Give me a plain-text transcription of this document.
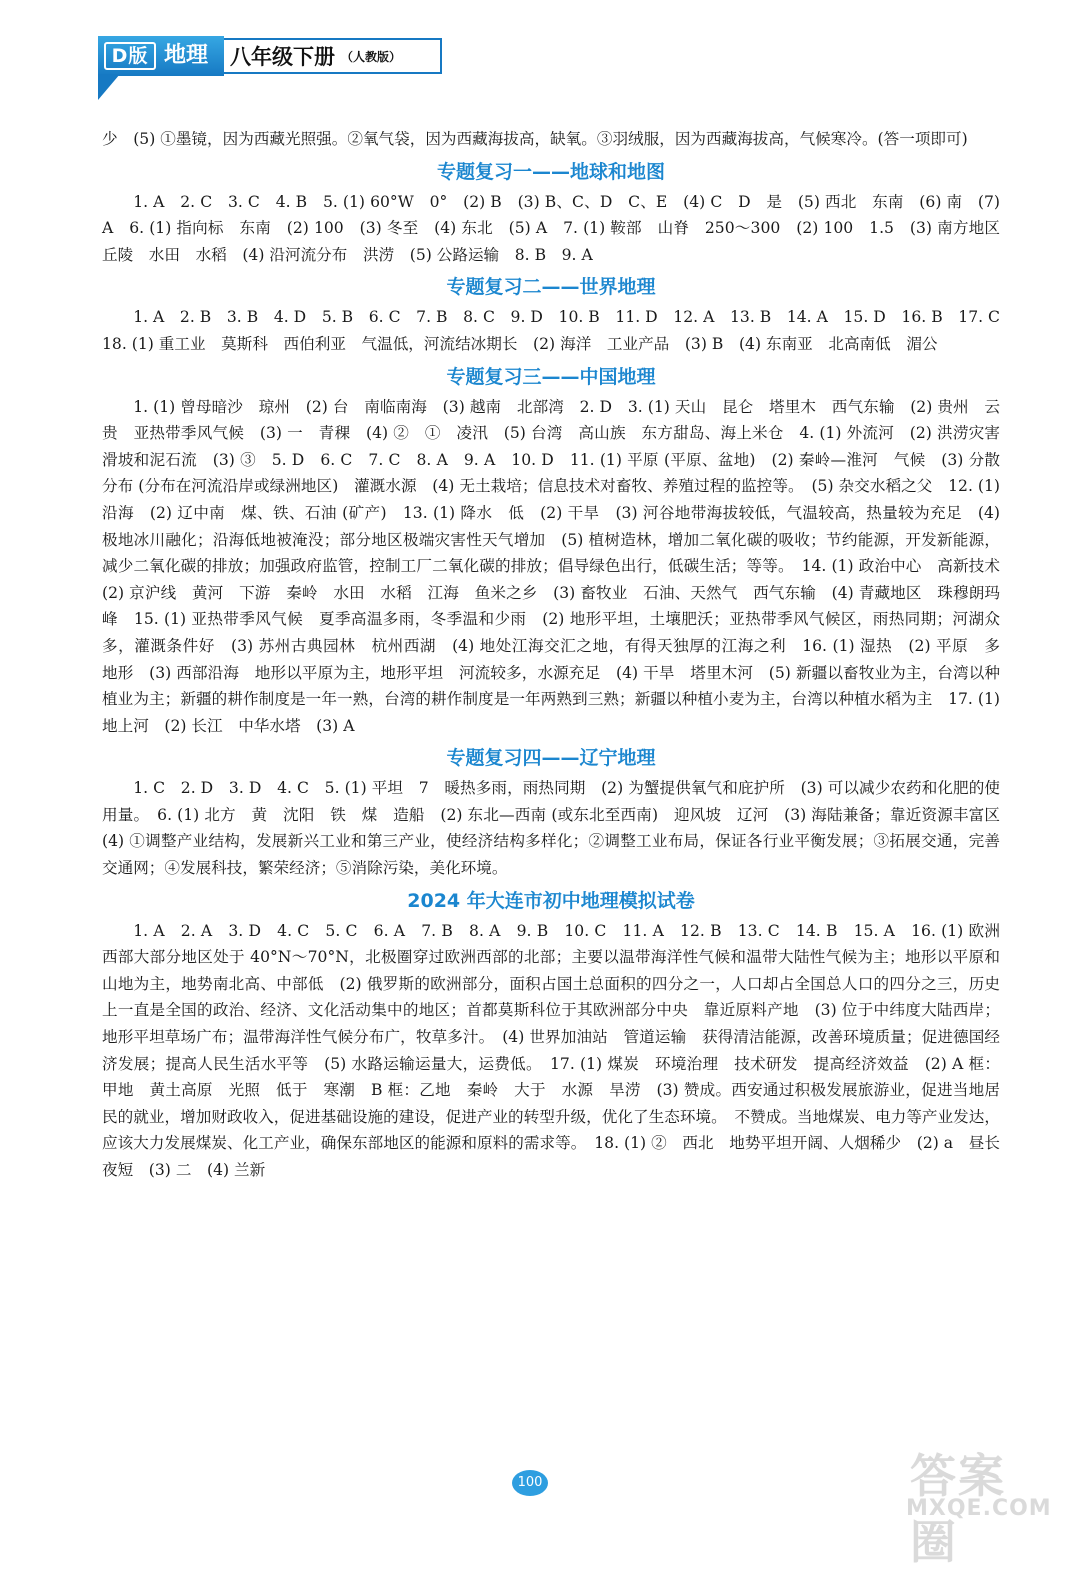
D版 地理 八年级下册 （人教版）

少　(5) ①墨镜，因为西藏光照强。②氧气袋，因为西藏海拔高，缺氧。③羽绒服，因为西藏海拔高，气候寒冷。(答一项即可)

专题复习一——地球和地图

1. A　2. C　3. C　4. B　5. (1) 60°W　0°　(2) B　(3) B、C、D　C、E　(4) C　D　是　(5) 西北　东南　(6) 南　(7) A　6. (1) 指向标　东南　(2) 100　(3) 冬至　(4) 东北　(5) A　7. (1) 鞍部　山脊　250～300　(2) 100　1.5　(3) 南方地区　丘陵　水田　水稻　(4) 沿河流分布　洪涝　(5) 公路运输　8. B　9. A

专题复习二——世界地理

1. A　2. B　3. B　4. D　5. B　6. C　7. B　8. C　9. D　10. B　11. D　12. A　13. B　14. A　15. D　16. B　17. C　18. (1) 重工业　莫斯科　西伯利亚　气温低，河流结冰期长　(2) 海洋　工业产品　(3) B　(4) 东南亚　北高南低　湄公

专题复习三——中国地理

1. (1) 曾母暗沙　琼州　(2) 台　南临南海　(3) 越南　北部湾　2. D　3. (1) 天山　昆仑　塔里木　西气东输　(2) 贵州　云贵　亚热带季风气候　(3) 一　青稞　(4) ②　①　凌汛　(5) 台湾　高山族　东方甜岛、海上米仓　4. (1) 外流河　(2) 洪涝灾害　滑坡和泥石流　(3) ③　5. D　6. C　7. C　8. A　9. A　10. D　11. (1) 平原 (平原、盆地)　(2) 秦岭—淮河　气候　(3) 分散分布 (分布在河流沿岸或绿洲地区)　灌溉水源　(4) 无土栽培；信息技术对畜牧、养殖过程的监控等。　(5) 杂交水稻之父　12. (1) 沿海　(2) 辽中南　煤、铁、石油 (矿产)　13. (1) 降水　低　(2) 干旱　(3) 河谷地带海拔较低，气温较高，热量较为充足　(4) 极地冰川融化；沿海低地被淹没；部分地区极端灾害性天气增加　(5) 植树造林，增加二氧化碳的吸收；节约能源，开发新能源，减少二氧化碳的排放；加强政府监管，控制工厂二氧化碳的排放；倡导绿色出行，低碳生活；等等。　14. (1) 政治中心　高新技术　(2) 京沪线　黄河　下游　秦岭　水田　水稻　江海　鱼米之乡　(3) 畜牧业　石油、天然气　西气东输　(4) 青藏地区　珠穆朗玛峰　15. (1) 亚热带季风气候　夏季高温多雨，冬季温和少雨　(2) 地形平坦，土壤肥沃；亚热带季风气候区，雨热同期；河湖众多，灌溉条件好　(3) 苏州古典园林　杭州西湖　(4) 地处江海交汇之地，有得天独厚的江海之利　16. (1) 湿热　(2) 平原　多　地形　(3) 西部沿海　地形以平原为主，地形平坦　河流较多，水源充足　(4) 干旱　塔里木河　(5) 新疆以畜牧业为主，台湾以种植业为主；新疆的耕作制度是一年一熟，台湾的耕作制度是一年两熟到三熟；新疆以种植小麦为主，台湾以种植水稻为主　17. (1) 地上河　(2) 长江　中华水塔　(3) A

专题复习四——辽宁地理

1. C　2. D　3. D　4. C　5. (1) 平坦　7　暖热多雨，雨热同期　(2) 为蟹提供氧气和庇护所　(3) 可以减少农药和化肥的使用量。　6. (1) 北方　黄　沈阳　铁　煤　造船　(2) 东北—西南 (或东北至西南)　迎风坡　辽河　(3) 海陆兼备；靠近资源丰富区　(4) ①调整产业结构，发展新兴工业和第三产业，使经济结构多样化；②调整工业布局，保证各行业平衡发展；③拓展交通，完善交通网；④发展科技，繁荣经济；⑤消除污染，美化环境。

2024 年大连市初中地理模拟试卷

1. A　2. A　3. D　4. C　5. C　6. A　7. B　8. A　9. B　10. C　11. A　12. B　13. C　14. B　15. A　16. (1) 欧洲西部大部分地区处于 40°N～70°N，北极圈穿过欧洲西部的北部；主要以温带海洋性气候和温带大陆性气候为主；地形以平原和山地为主，地势南北高、中部低　(2) 俄罗斯的欧洲部分，面积占国土总面积的四分之一，人口却占全国总人口的四分之三，历史上一直是全国的政治、经济、文化活动集中的地区；首都莫斯科位于其欧洲部分中央　靠近原料产地　(3) 位于中纬度大陆西岸；地形平坦草场广布；温带海洋性气候分布广，牧草多汁。　(4) 世界加油站　管道运输　获得清洁能源，改善环境质量；促进德国经济发展；提高人民生活水平等　(5) 水路运输运量大，运费低。　17. (1) 煤炭　环境治理　技术研发　提高经济效益　(2) A 框：甲地　黄土高原　光照　低于　寒潮　B 框：乙地　秦岭　大于　水源　旱涝　(3) 赞成。西安通过积极发展旅游业，促进当地居民的就业，增加财政收入，促进基础设施的建设，促进产业的转型升级，优化了生态环境。　不赞成。当地煤炭、电力等产业发达，应该大力发展煤炭、化工产业，确保东部地区的能源和原料的需求等。　18. (1) ②　西北　地势平坦开阔、人烟稀少　(2) a　昼长夜短　(3) 二　(4) 兰新

100	答案圈
MXQE.COM
